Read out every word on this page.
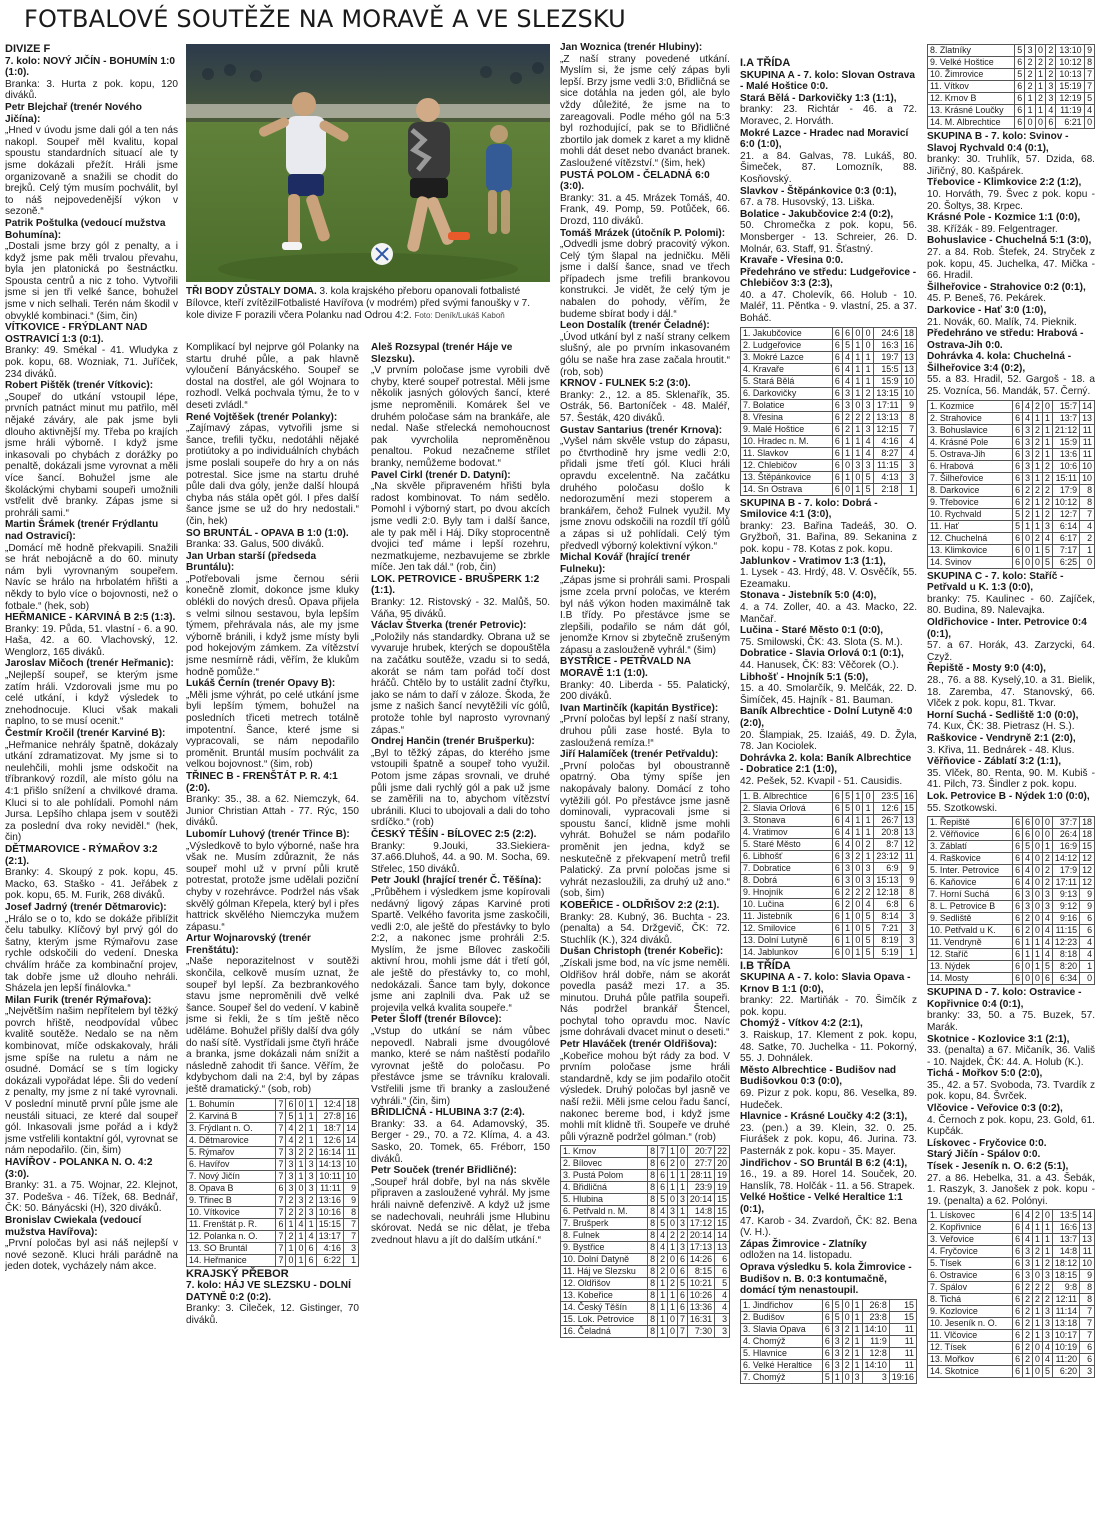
FOTBALOVÉ SOUTĚŽE NA MORAVĚ A VE SLEZSKU

DIVIZE F

7. kolo: NOVÝ JIČÍN - BOHUMÍN 1:0 (1:0).

Branka: 3. Hurta z pok. kopu, 120 diváků.

Petr Blejchař (trenér Nového Jičína):

„Hned v úvodu jsme dali gól a ten nás nakopl. Soupeř měl kvalitu, kopal spoustu standardních situací ale ty jsme dokázali přežít. Hráli jsme organizovaně a snažili se chodit do brejků. Celý tým musím pochválit, byl to náš nejpovedenější výkon v sezoně.“

Patrik Poštulka (vedoucí mužstva Bohumína):

„Dostali jsme brzy gól z penalty, a i když jsme pak měli trvalou převahu, byla jen platonická po šestnáctku. Spousta centrů a nic z toho. Vytvořili jsme si jen tři velké šance, bohužel jsme v nich selhali. Terén nám škodil v obvyklé kombinaci.“ (šim, čin)

VÍTKOVICE - FRÝDLANT NAD OSTRAVICÍ 1:3 (0:1).

Branky: 49. Smékal - 41. Wludyka z pok. kopu, 68. Wozniak, 71. Juříček, 234 diváků.

Robert Pištěk (trenér Vítkovic):

„Soupeř do utkání vstoupil lépe, prvních patnáct minut mu patřilo, měl nějaké záváry, ale pak jsme byli dlouho aktivnější my. Třeba po krajích jsme hráli výborně. I když jsme inkasovali po chybách z dorážky po penaltě, dokázali jsme vyrovnat a měli více šancí. Bohužel jsme ale školáckými chybami soupeři umožnili vstřelit dvě branky. Zápas jsme si prohráli sami.“

Martin Šrámek (trenér Frýdlantu nad Ostravicí):

„Domácí mě hodně překvapili. Snažili se hrát nebojácně a do 60. minuty nám byli vyrovnaným soupeřem. Navíc se hrálo na hrbolatém hřišti a někdy to bylo více o bojovnosti, než o fotbale.“ (hek, sob)

HEŘMANICE - KARVINÁ B 2:5 (1:3).

Branky: 19. Půda, 51. vlastní - 6. a 90. Haša, 42. a 60. Vlachovský, 12. Wenglorz, 165 diváků.

Jaroslav Mičoch (trenér Heřmanic):

„Nejlepší soupeř, se kterým jsme zatím hráli. Vzdorovali jsme mu po celé utkání, i když výsledek to znehodnocuje. Kluci však makali naplno, to se musí ocenit.“

Čestmír Kročil (trenér Karviné B):

„Heřmanice nehrály špatně, dokázaly utkání zdramatizovat. My jsme si to neulehčili, mohli jsme odskočit na tříbrankový rozdíl, ale místo gólu na 4:1 přišlo snížení a chvilkové drama. Kluci si to ale pohlídali. Pomohl nám Jursa. Lepšího chlapa jsem v soutěži za poslední dva roky neviděl.“ (hek, čin)

DĚTMAROVICE - RÝMAŘOV 3:2 (2:1).

Branky: 4. Skoupý z pok. kopu, 45. Macko, 63. Staško - 41. Jeřábek z pok. kopu, 65. M. Furik, 268 diváků.

Josef Jadrný (trenér Dětmarovic):

„Hrálo se o to, kdo se dokáže přiblížit čelu tabulky. Klíčový byl prvý gól do šatny, kterým jsme Rýmařovu zase rychle odskočili do vedení. Dneska chválím hráče za kombinační projev, tak dobře jsme už dlouho nehráli. Sházela jen lepší finálovka.“

Milan Furik (trenér Rýmařova):

„Největším našim nepřítelem byl těžký povrch hřiště, neodpovídal vůbec kvalitě soutěže. Nedalo se na něm kombinovat, míče odskakovaly, hráli jsme spíše na ruletu a nám ne osudné. Domácí se s tím logicky dokázali vypořádat lépe. Šli do vedení z penalty, my jsme z ní také vyrovnali. V poslední minutě první půle jsme ale neustáli situaci, ze které dal soupeř gól. Inkasovali jsme pořád a i když jsme vstřelili kontaktní gól, vyrovnat se nám nepodařilo. (čin, šim)

HAVÍŘOV - POLANKA N. O. 4:2 (3:0).

Branky: 31. a 75. Wojnar, 22. Klejnot, 37. Podešva - 46. Tížek, 68. Bednář, ČK: 50. Bányácski (H), 320 diváků.

Bronislav Cwiekala (vedoucí mužstva Havířova):

„První poločas byl asi náš nejlepší v nové sezoně. Kluci hráli parádně na jeden dotek, vycházely nám akce.

TŘI BODY ZŮSTALY DOMA. 3. kola krajského přeboru opanovali fotbalisté Bílovce, kteří zvítězilFotbalisté Havířova (v modrém) před svými fanoušky v 7. kole divize F porazili včera Polanku nad Odrou 4:2. Foto: Deník/Lukáš Kaboň

Komplikací byl nejprve gól Polanky na startu druhé půle, a pak hlavně vyloučení Bányácského. Soupeř se dostal na dostřel, ale gól Wojnara to rozhodl. Velká pochvala týmu, že to v deseti zvládl.“

René Vojtěšek (trenér Polanky):

„Zajímavý zápas, vytvořili jsme si šance, trefili tyčku, nedotáhli nějaké protiútoky a po individuálních chybách jsme poslali soupeře do hry a on nás potrestal. Sice jsme na startu druhé půle dali dva góly, jenže další hloupá chyba nás stála opět gól. I přes další šance jsme se už do hry nedostali.“ (čin, hek)

SO BRUNTÁL - OPAVA B 1:0 (1:0).

Branka: 33. Galus, 500 diváků.

Jan Urban starší (předseda Bruntálu):

„Potřebovali jsme černou sérii konečně zlomit, dokonce jsme kluky oblékli do nových dresů. Opava přijela s velmi silnou sestavou, byla lepším týmem, přehrávala nás, ale my jsme výborně bránili, i když jsme místy byli pod hokejovým zámkem. Za vítězství jsme nesmírně rádi, věřím, že klukům hodně pomůže.“

Lukáš Černín (trenér Opavy B):

„Měli jsme výhrát, po celé utkání jsme byli lepším týmem, bohužel na posledních třiceti metrech totálně impotentní. Šance, které jsme si vypracovali, se nám nepodařilo proměnit. Bruntál musím pochválit za velkou bojovnost.“ (šim, rob)

TŘINEC B - FRENŠTÁT P. R. 4:1 (2:0).

Branky: 35., 38. a 62. Niemczyk, 64. Junior Christian Attah - 77. Rýc, 150 diváků.

Lubomír Luhový (trenér Třince B):

„Výsledkově to bylo výborné, naše hra však ne. Musím zdůraznit, že nás soupeř mohl už v první půli krutě potrestat, protože jsme udělali poziční chyby v rozehrávce. Podržel nás však skvělý gólman Křepela, který byl i přes hattrick skvělého Niemczyka mužem zápasu.“

Artur Wojnarovský (trenér Frenštátu):

„Naše neporazitelnost v soutěži skončila, celkově musím uznat, že soupeř byl lepší. Za bezbrankového stavu jsme neproměnili dvě velké šance. Soupeř šel do vedení. V kabině jsme si řekli, že s tím ještě něco uděláme. Bohužel přišly další dva góly do naší sítě. Vystřídali jsme čtyři hráče a branka, jsme dokázali nám snížit a následně zahodit tři šance. Věřím, že kdybychom dali na 2:4, byl by zápas ještě dramatický.“ (sob, rob)

1. Bohumín	7	6	0	1	12:4	18
2. Karviná B	7	5	1	1	27:8	16
3. Frýdlant n. O.	7	4	2	1	18:7	14
4. Dětmarovice	7	4	2	1	12:6	14
5. Rýmařov	7	3	2	2	16:14	11
6. Havířov	7	3	1	3	14:13	10
7. Nový Jičín	7	3	1	3	10:11	10
8. Opava B	6	3	0	3	11:11	9
9. Třinec B	7	2	3	2	13:16	9
10. Vítkovice	7	2	2	3	10:16	8
11. Frenštát p. R.	6	1	4	1	15:15	7
12. Polanka n. O.	7	2	1	4	13:17	7
13. SO Bruntál	7	1	0	6	4:16	3
14. Heřmanice	7	0	1	6	6:22	1

KRAJSKÝ PŘEBOR

7. kolo: HÁJ VE SLEZSKU - DOLNÍ DATYNĚ 0:2 (0:2).

Branky: 3. Cileček, 12. Gistinger, 70 diváků.

Aleš Rozsypal (trenér Háje ve Slezsku).

„V prvním poločase jsme vyrobili dvě chyby, které soupeř potrestal. Měli jsme několik jasných gólových šancí, které jsme neproměnili. Komárek šel ve druhém poločase sám na brankáře, ale nedal. Naše střelecká nemohoucnost pak vyvrcholila neproměněnou penaltou. Pokud nezačneme střílet branky, nemůžeme bodovat.“

Pavel Cirkl (trenér D. Datyní):

„Na skvěle připraveném hřišti byla radost kombinovat. To nám sedělo. Pomohl i výborný start, po dvou akcích jsme vedli 2:0. Byly tam i další šance, ale ty pak měl i Háj. Díky stoprocentně dvojici teď máme i lepší rozehru, nezmatkujeme, nezbavujeme se zbrkle míče. Jen tak dál.“ (rob, čin)

LOK. PETROVICE - BRUŠPERK 1:2 (1:1).

Branky: 12. Ristovský - 32. Malůš, 50. Váňa, 95 diváků.

Václav Štverka (trenér Petrovic):

„Položily nás standardky. Obrana už se vyvaruje hrubek, kterých se dopouštěla na začátku soutěže, vzadu si to sedá, akorát se nám tam pořád točí dost hráčů. Chtělo by to ustálit zadní čtyřku, jako se nám to daří v záloze. Škoda, že jsme z našich šancí nevytěžili víc gólů, protože tohle byl naprosto vyrovnaný zápas.“

Ondrej Hančin (trenér Brušperku):

„Byl to těžký zápas, do kterého jsme vstoupili špatně a soupeř toho využil. Potom jsme zápas srovnali, ve druhé půli jsme dali rychlý gól a pak už jsme se zaměřili na to, abychom vítězství ubránili. Kluci to ubojovali a dali do toho srdíčko.“ (rob)

ČESKÝ TĚŠÍN - BÍLOVEC 2:5 (2:2).

Branky: 9.Jouki, 33.Siekiera-37.a66.Dluhoš, 44. a 90. M. Socha, 69. Střelec, 150 diváků.

Petr Joukl (hrající trenér Č. Těšína):

„Průběhem i výsledkem jsme kopírovali nedávný ligový zápas Karviné proti Spartě. Velkého favorita jsme zaskočili, vedli 2:0, ale ještě do přestávky to bylo 2:2, a nakonec jsme prohráli 2:5. Myslím, že jsme Bílovec zaskočili aktivní hrou, mohli jsme dát i třetí gól, ale ještě do přestávky to, co mohl, nedokázali. Šance tam byly, dokonce jsme ani zaplnili dva. Pak už se projevila velká kvalita soupeře.“

Peter Šloff (trenér Bílovce):

„Vstup do utkání se nám vůbec nepovedl. Nabrali jsme dvougólové manko, které se nám naštěstí podařilo vyrovnat ještě do poločasu. Po přestávce jsme se trávníku kralovali. Vstřelili jsme tři branky a zasloužené vyhráli.“ (čin, šim)

BŘIDLIČNÁ - HLUBINA 3:7 (2:4).

Branky: 33. a 64. Adamovský, 35. Berger - 29., 70. a 72. Klíma, 4. a 43. Sasko, 20. Tomek, 65. Fréborr, 150 diváků.

Petr Souček (trenér Břidličné):

„Soupeř hrál dobře, byl na nás skvěle připraven a zasloužené vyhrál. My jsme hráli naivně defenzivě. A když už jsme se nadechovali, neuhráli jsme Hlubinu skórovat. Nedá se nic dělat, je třeba zvednout hlavu a jít do dalším utkání.“

Jan Woznica (trenér Hlubiny):

„Z naší strany povedené utkání. Myslím si, že jsme celý zápas byli lepší. Brzy jsme vedli 3:0, Břidličná se sice dotáhla na jeden gól, ale bylo vždy důležité, že jsme na to zareagovali. Podle mého gól na 5:3 byl rozhodující, pak se to Břidličné zbortilo jak domek z karet a my klidně mohli dát deset nebo dvanáct branek. Zasloužené vítězství.“ (šim, hek)

PUSTÁ POLOM - ČELADNÁ 6:0 (3:0).

Branky: 31. a 45. Mrázek Tomáš, 40. Frank, 49. Pomp, 59. Potůček, 66. Drozd, 110 diváků.

Tomáš Mrázek (útočník P. Polomi):

„Odvedli jsme dobrý pracovitý výkon. Celý tým šlapal na jedničku. Měli jsme i další šance, snad ve třech případech jsme trefili brankovou konstrukci. Je vidět, že celý tým je nabalen do pohody, věřím, že budeme sbírat body i dál.“

Leon Dostalík (trenér Čeladné):

„Úvod utkání byl z naší strany celkem slušný, ale po prvním inkasovaném gólu se naše hra zase začala hroutit.“ (rob, sob)

KRNOV - FULNEK 5:2 (3:0).

Branky: 2., 12. a 85. Sklenařík, 35. Ostrák, 56. Bartoníček - 48. Maléř, 57. Šesták, 420 diváků.

Gustav Santarius (trenér Krnova):

„Vyšel nám skvěle vstup do zápasu, po čtvrthodině hry jsme vedli 2:0, přidali jsme třetí gól. Kluci hráli opravdu excelentně. Na začátku druhého poločasu došlo k nedorozumění mezi stoperem a brankářem, čehož Fulnek využil. My jsme znovu odskočili na rozdíl tří gólů a zápas si už pohlídali. Celý tým předvedl výborný kolektivní výkon.“

Michal Kovář (hrající trenér Fulneku):

„Zápas jsme si prohráli sami. Prospali jsme zcela první poločas, ve kterém byl náš výkon hoden maximálně tak I.B třídy. Po přestávce jsme se zlepšili, podařilo se nám dát gól, jenomže Krnov si zbytečně zrušeným zápasu a zaslouženě vyhrál.“ (šim)

BYSTŘICE - PETŘVALD NA MORAVĚ 1:1 (1:0).

Branky: 40. Liberda - 55. Palatický, 200 diváků.

Ivan Martinčík (kapitán Bystřice):

„První poločas byl lepší z naší strany, druhou půli zase hosté. Byla to zasloužená remíza.!“

Jiří Halamíček (trenér Petřvaldu):

„První poločas byl oboustranně opatrný. Oba týmy spíše jen nakopávaly balony. Domácí z toho vytěžili gól. Po přestávce jsme jasně dominovali, vypracovali jsme si spoustu šancí, klidně jsme mohli vyhrát. Bohužel se nám podařilo proměnit jen jedna, když se neskutečně z překvapení metrů trefil Palatický. Za první poločas jsme si vyhrát nezasloužili, za druhý už ano.“ (sob, šim)

KOBEŘICE - OLDŘIŠOV 2:2 (2:1).

Branky: 28. Kubný, 36. Buchta - 23. (penalta) a 54. Držgevič, ČK: 72. Stuchlík (K.), 324 diváků.

Dušan Christoph (trenér Kobeřic):

„Získali jsme bod, na víc jsme neměli. Oldřišov hrál dobře, nám se akorát povedla pasáž mezi 17. a 35. minutou. Druhá půle patřila soupeři. Nás podržel brankář Štencel, pochytal toho opravdu moc. Navíc jsme dohrávali dvacet minut o deseti.“

Petr Hlaváček (trenér Oldřišova):

„Kobeřice mohou být rády za bod. V prvním poločase jsme hráli standardně, kdy se jim podařilo otočit výsledek. Druhý poločas byl jasně ve naší režii. Měli jsme celou řadu šancí, nakonec bereme bod, i když jsme mohli mít klidně tři. Soupeře ve druhé půli výrazně podržel gólman.“ (rob)

1. Krnov	8	7	1	0	20:7	22
2. Bílovec	8	6	2	0	27:7	20
3. Pustá Polom	8	6	1	1	28:11	19
4. Břidličná	8	6	1	1	23:9	19
5. Hlubina	8	5	0	3	20:14	15
6. Petřvald n. M.	8	4	3	1	14:8	15
7. Brušperk	8	5	0	3	17:12	15
8. Fulnek	8	4	2	2	20:14	14
9. Bystřice	8	4	1	3	17:13	13
10. Dolní Datyně	8	2	0	6	14:26	6
11. Háj ve Slezsku	8	2	0	6	8:15	6
12. Oldřišov	8	1	2	5	10:21	5
13. Kobeřice	8	1	1	6	10:26	4
14. Český Těšín	8	1	1	6	13:36	4
15. Lok. Petrovice	8	1	0	7	16:31	3
16. Čeladná	8	1	0	7	7:30	3

I.A TŘÍDA

SKUPINA A - 7. kolo: Slovan Ostrava - Malé Hoštice 0:0.

Stará Bělá - Darkovičky 1:3 (1:1),

branky: 23. Richtár - 46. a 72. Moravec, 2. Horváth.

Mokré Lazce - Hradec nad Moravicí 6:0 (1:0),

21. a 84. Galvas, 78. Lukáš, 80. Šimeček, 87. Lomozník, 88. Kosňovský.

Slavkov - Štěpánkovice 0:3 (0:1),

67. a 78. Husovský, 13. Liška.

Bolatice - Jakubčovice 2:4 (0:2),

50. Chromečka z pok. kopu, 56. Monsberger - 13. Schreier, 26. D. Molnár, 63. Staff, 91. Šťastný.

Kravaře - Vřesina 0:0.

Předehráno ve středu: Ludgeřovice - Chlebičov 3:3 (2:3),

40. a 47. Cholevík, 66. Holub - 10. Maléř, 11. Pěntka - 9. vlastní, 25. a 37. Boháč.

1. Jakubčovice	6	6	0	0	24:6	18
2. Ludgeřovice	6	5	1	0	16:3	16
3. Mokré Lazce	6	4	1	1	19:7	13
4. Kravaře	6	4	1	1	15:5	13
5. Stará Bělá	6	4	1	1	15:9	10
6. Darkovičky	6	3	1	2	13:15	10
7. Bolatice	6	3	0	3	17:11	9
8. Vřesina	6	2	2	2	13:13	8
9. Malé Hoštice	6	2	1	3	12:15	7
10. Hradec n. M.	6	1	1	4	4:16	4
11. Slavkov	6	1	1	4	8:27	4
12. Chlebičov	6	0	3	3	11:15	3
13. Štěpánkovice	6	1	0	5	4:13	3
14. Sn Ostrava	6	0	1	5	2:18	1

SKUPINA B - 7. kolo: Dobrá - Smilovice 4:1 (3:0),

branky: 23. Bařina Tadeáš, 30. O. Gryžboň, 31. Bařina, 89. Sekanina z pok. kopu - 78. Kotas z pok. kopu.

Jablunkov - Vratimov 1:3 (1:1),

1. Lysek - 43. Hrdý, 48. V. Osvěčík, 55. Ezeamaku.

Stonava - Jistebník 5:0 (4:0),

4. a 74. Zoller, 40. a 43. Macko, 22. Mančař.

Lučina - Staré Město 0:1 (0:0),

75. Smilowski, ČK: 43. Slota (S. M.).

Dobratice - Slavia Orlová 0:1 (0:1),

44. Hanusek, ČK: 83: Věčorek (O.).

Libhošť - Hnojník 5:1 (5:0),

15. a 40. Smolarčík, 9. Melčák, 22. D. Šimíček, 45. Hajník - 81. Bauman.

Baník Albrechtice - Dolní Lutyně 4:0 (2:0),

20. Šlampiak, 25. Izaiáš, 49. D. Žyla, 78. Jan Kociolek.

Dohrávka 2. kola: Baník Albrechtice - Dobratice 2:1 (1:0),

42. Pešek, 52. Kvapil - 51. Causidis.

1. B. Albrechtice	6	5	1	0	23:5	16
2. Slavia Orlová	6	5	0	1	12:6	15
3. Stonava	6	4	1	1	26:7	13
4. Vratimov	6	4	1	1	20:8	13
5. Staré Město	6	4	0	2	8:7	12
6. Libhošť	6	3	2	1	23:12	11
7. Dobratice	6	3	0	3	6:9	9
8. Dobrá	6	3	0	3	15:13	9
9. Hnojník	6	2	2	2	12:18	8
10. Lučina	6	2	0	4	6:8	6
11. Jistebník	6	1	0	5	8:14	3
12. Smilovice	6	1	0	5	7:21	3
13. Dolní Lutyně	6	1	0	5	8:19	3
14. Jablunkov	6	0	1	5	5:19	1

I.B TŘÍDA

SKUPINA A - 7. kolo: Slavia Opava - Krnov B 1:1 (0:0),

branky: 22. Martiňák - 70. Šimčík z pok. kopu.

Chomýž - Vítkov 4:2 (2:1),

3. Raiskup, 17. Klement z pok. kopu, 48. Satke, 70. Juchelka - 11. Pokorný, 55. J. Dohnálek.

Město Albrechtice - Budišov nad Budišovkou 0:3 (0:0),

69. Pizur z pok. kopu, 86. Veselka, 89. Hudeček.

Hlavnice - Krásné Loučky 4:2 (3:1),

23. (pen.) a 39. Klein, 32. 0. 25. Fiurášek z pok. kopu, 46. Jurina. 73. Pasternák z pok. kopu - 35. Mayer.

Jindřichov - SO Bruntál B 6:2 (4:1),

16., 19. a 89. Horel 14. Souček, 20. Hanslík, 78. Holčák - 11. a 56. Strapek.

Velké Hoštice - Velké Heraltice 1:1 (0:1),

47. Karob - 34. Zvardoň, ČK: 82. Bena (V. H.).

Zápas Žimrovice - Zlatníky

odložen na 14. listopadu.

Oprava výsledku 5. kola Žimrovice - Budišov n. B. 0:3 kontumačně, domácí tým nenastoupil.

1. Jindřichov	6	5	0	1	26:8	15
2. Budišov	6	5	0	1	23:8	15
3. Slavia Opava	6	3	2	1	14:10	11
4. Chomýž	6	3	2	1	11:9	11
5. Hlavnice	6	3	2	1	12:8	11
6. Velké Heraltice	6	3	2	1	14:10	11
7. Chomýž	5	1	0	3	3	19:16
8. Zlatníky	5	3	0	2	13:10	9
9. Velké Hoštice	6	2	2	2	10:12	8
10. Žimrovice	5	2	1	2	10:13	7
11. Vítkov	6	2	1	3	15:19	7
12. Krnov B	6	1	2	3	12:19	5
13. Krásné Loučky	6	1	1	4	11:19	4
14. M. Albrechtice	6	0	0	6	6:21	0

SKUPINA B - 7. kolo: Svinov - Slavoj Rychvald 0:4 (0:1),

branky: 30. Truhlík, 57. Dzida, 68. Jiřičný, 80. Kašpárek.

Třebovice - Klimkovice 2:2 (1:2),

10. Horváth, 79. Švec z pok. kopu - 20. Šoltys, 38. Krpec.

Krásné Pole - Kozmice 1:1 (0:0),

38. Křížák - 89. Felgentrager.

Bohuslavice - Chuchelná 5:1 (3:0),

27. a 84. Rob. Štefek, 24. Stryček z pok. kopu, 45. Juchelka, 47. Mička - 66. Hradil.

Šilheřovice - Strahovice 0:2 (0:1),

45. P. Beneš, 76. Pekárek.

Darkovice - Hať 3:0 (1:0),

21. Novák, 60. Malík, 74. Pieknik.

Předehráno ve středu: Hrabová - Ostrava-Jih 0:0.

Dohrávka 4. kola: Chuchelná - Šilheřovice 3:4 (0:2),

55. a 83. Hradil, 52. Gargoš - 18. a 25. Vozníca, 56. Mandák, 57. Černý.

1. Kozmice	6	4	2	0	15:7	14
2. Strahovice	6	4	1	1	13:7	13
3. Bohuslavice	6	3	2	1	21:12	11
4. Krásné Pole	6	3	2	1	15:9	11
5. Ostrava-Jih	6	3	2	1	13:6	11
6. Hrabová	6	3	1	2	10:6	10
7. Šilheřovice	6	3	1	2	15:11	10
8. Darkovice	6	2	2	2	17:9	8
9. Třebovice	6	2	1	2	10:12	8
10. Rychvald	5	2	1	2	12:7	7
11. Hať	5	1	1	3	6:14	4
12. Chuchelná	6	0	2	4	6:17	2
13. Klimkovice	6	0	1	5	7:17	1
14. Svinov	6	0	0	5	6:25	0

SKUPINA C - 7. kolo: Staříč - Petřvald u K. 1:3 (0:0),

branky: 75. Kaulinec - 60. Zajíček, 80. Budina, 89. Nalevajka.

Oldřichovice - Inter. Petrovice 0:4 (0:1),

57. a 67. Horák, 43. Zarzycki, 64. Czyž.

Řepiště - Mosty 9:0 (4:0),

28., 76. a 88. Kyselý,10. a 31. Bielik, 18. Zaremba, 47. Stanovský, 66. Vlček z pok. kopu, 81. Tkvar.

Horní Suchá - Sedliště 1:0 (0:0),

74. Kux, ČK: 38. Pietrasz (H. S.).

Raškovice - Vendryně 2:1 (2:0),

3. Křiva, 11. Bednárek - 48. Klus.

Věřňovice - Záblatí 3:2 (1:1),

35. Vlček, 80. Renta, 90. M. Kubiš - 41. Pilch, 73. Šindler z pok. kopu.

Lok. Petrovice B - Nýdek 1:0 (0:0),

55. Szotkowski.

1. Řepiště	6	6	0	0	37:7	18
2. Věřňovice	6	6	0	0	26:4	18
3. Záblatí	6	5	0	1	16:9	15
4. Raškovice	6	4	0	2	14:12	12
5. Inter. Petrovice	6	4	0	2	17:9	12
6. Kaňovice	6	4	0	2	17:11	12
7. Horní Suchá	6	3	0	3	9:13	9
8. L. Petrovice B	6	3	0	3	9:12	9
9. Sedliště	6	2	0	4	9:16	6
10. Petřvald u K.	6	2	0	4	11:15	6
11. Vendryně	6	1	1	4	12:23	4
12. Staříč	6	1	1	4	8:18	4
13. Nýdek	6	0	1	5	8:20	1
14. Mosty	6	0	0	6	6:34	0

SKUPINA D - 7. kolo: Ostravice - Kopřivnice 0:4 (0:1),

branky: 33, 50. a 75. Buzek, 57. Marák.

Skotnice - Kozlovice 3:1 (2:1),

33. (penalta) a 67. Mičaník, 36. Vališ - 10. Najdek, ČK: 44. A. Holub (K.).

Tichá - Mořkov 5:0 (2:0),

35., 42. a 57. Svoboda, 73. Tvardík z pok. kopu, 84. Švrček.

Vlčovice - Veřovice 0:3 (0:2),

4. Černoch z pok. kopu, 23. Gold, 61. Kupčák.

Lískovec - Fryčovice 0:0.

Starý Jičín - Spálov 0:0.

Tísek - Jeseník n. O. 6:2 (5:1),

27. a 86. Hebelka, 31. a 43. Šebák, 1. Raszyk, 3. Janošek z pok. kopu - 19. (penalta) a 62. Polónyi.

1. Lískovec	6	4	2	0	13:5	14
2. Kopřivnice	6	4	1	1	16:6	13
3. Veřovice	6	4	1	1	13:7	13
4. Fryčovice	6	3	2	1	14:8	11
5. Tísek	6	3	1	2	18:12	10
6. Ostravice	6	3	0	3	18:15	9
7. Spálov	6	2	2	2	9:8	8
8. Tichá	6	2	2	2	12:11	8
9. Kozlovice	6	2	1	3	11:14	7
10. Jeseník n. O.	6	2	1	3	13:18	7
11. Vlčovice	6	2	1	3	10:17	7
12. Tísek	6	2	0	4	10:19	6
13. Mořkov	6	2	0	4	11:20	6
14. Skotnice	6	1	0	5	6:20	3
